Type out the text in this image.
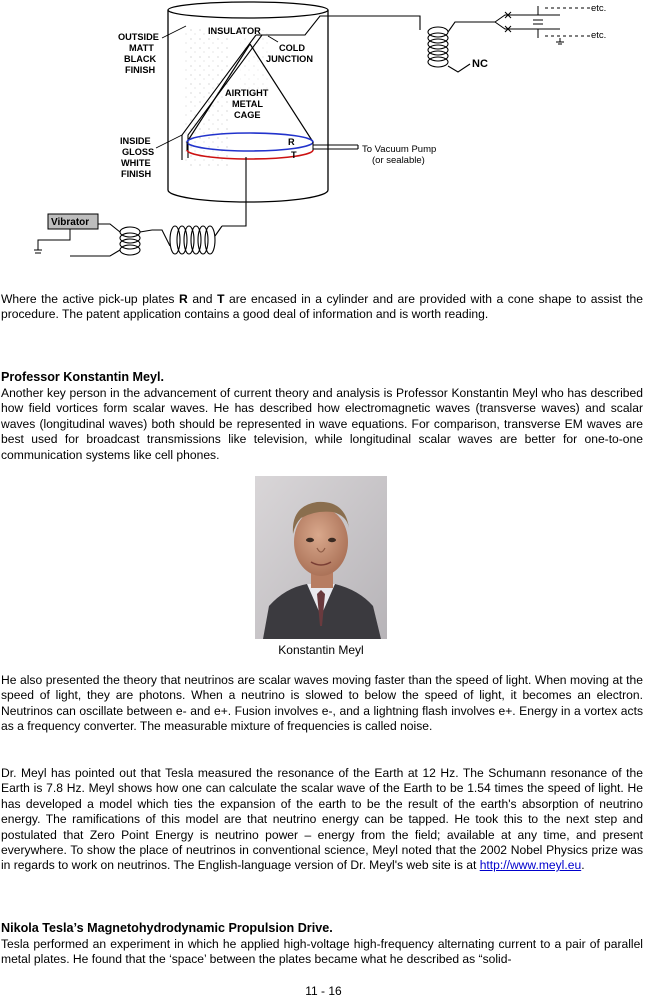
INSULATOR
COLD
JUNCTION
OUTSIDE
MATT
BLACK
FINISH
AIRTIGHT
METAL
CAGE
INSIDE
GLOSS
WHITE
FINISH
R
T
NC
To Vacuum Pump
(or sealable)
etc.
etc.
Vibrator
Where the active pick-up plates R and T are encased in a cylinder and are provided with a cone shape to assist the procedure. The patent application contains a good deal of information and is worth reading.
Professor Konstantin Meyl.
Another key person in the advancement of current theory and analysis is Professor Konstantin Meyl who has described how field vortices form scalar waves. He has described how electromagnetic waves (transverse waves) and scalar waves (longitudinal waves) both should be represented in wave equations. For comparison, transverse EM waves are best used for broadcast transmissions like television, while longitudinal scalar waves are better for one-to-one communication systems like cell phones.
Konstantin Meyl
He also presented the theory that neutrinos are scalar waves moving faster than the speed of light. When moving at the speed of light, they are photons. When a neutrino is slowed to below the speed of light, it becomes an electron. Neutrinos can oscillate between e- and e+. Fusion involves e-, and a lightning flash involves e+. Energy in a vortex acts as a frequency converter. The measurable mixture of frequencies is called noise.
Dr. Meyl has pointed out that Tesla measured the resonance of the Earth at 12 Hz. The Schumann resonance of the Earth is 7.8 Hz. Meyl shows how one can calculate the scalar wave of the Earth to be 1.54 times the speed of light. He has developed a model which ties the expansion of the earth to be the result of the earth's absorption of neutrino energy. The ramifications of this model are that neutrino energy can be tapped. He took this to the next step and postulated that Zero Point Energy is neutrino power – energy from the field; available at any time, and present everywhere. To show the place of neutrinos in conventional science, Meyl noted that the 2002 Nobel Physics prize was in regards to work on neutrinos. The English-language version of Dr. Meyl's web site is at http://www.meyl.eu.
Nikola Tesla’s Magnetohydrodynamic Propulsion Drive.
Tesla performed an experiment in which he applied high-voltage high-frequency alternating current to a pair of parallel metal plates. He found that the ‘space’ between the plates became what he described as “solid-
11 - 16
